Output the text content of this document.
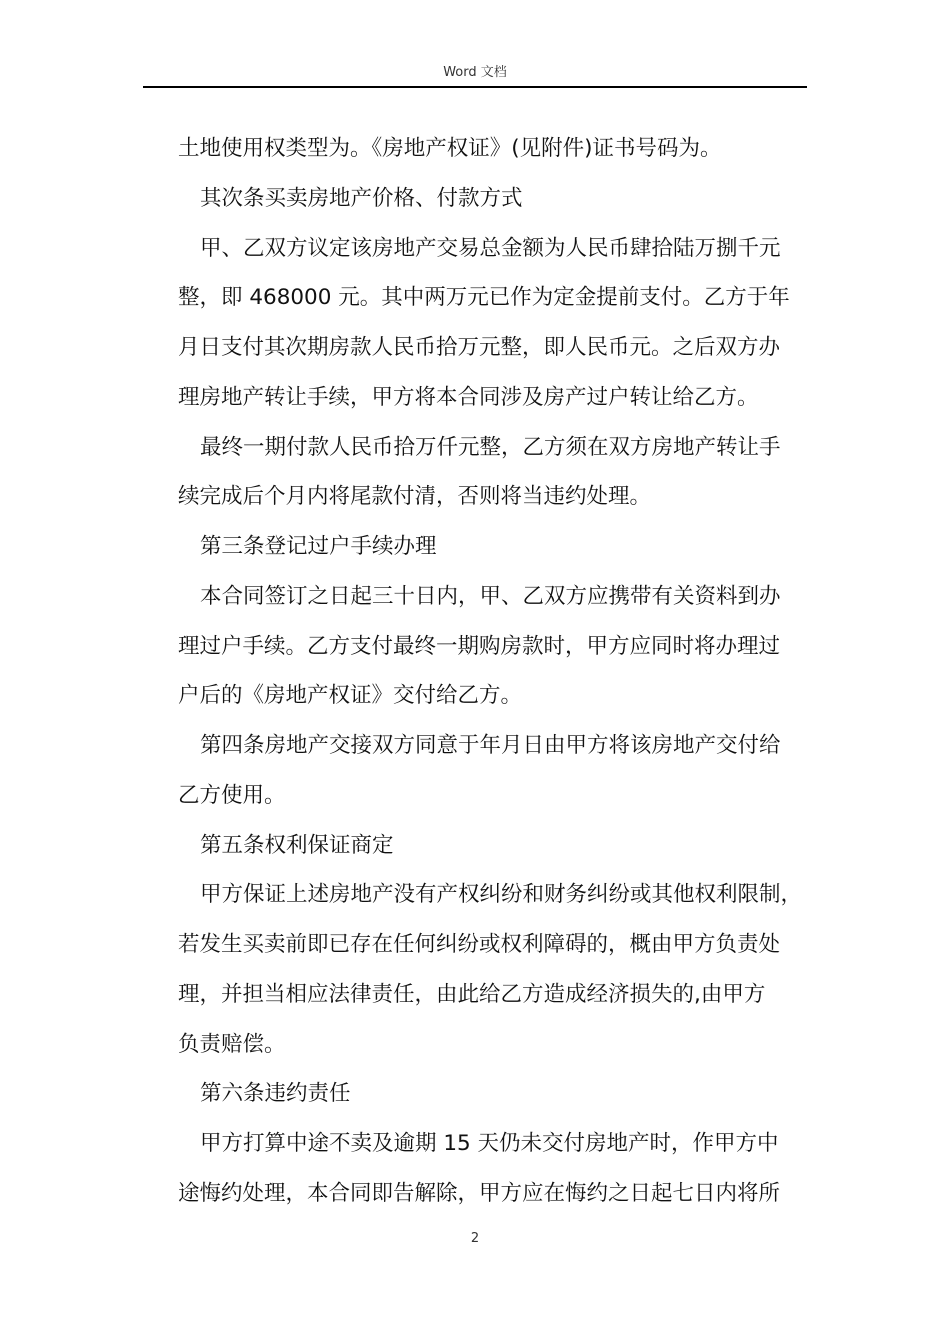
Word 文档
土地使用权类型为。《房地产权证》(见附件)证书号码为。
其次条买卖房地产价格、付款方式
甲、乙双方议定该房地产交易总金额为人民币肆拾陆万捌千元
整，即 468000 元。其中两万元已作为定金提前支付。乙方于年
月日支付其次期房款人民币拾万元整，即人民币元。之后双方办
理房地产转让手续，甲方将本合同涉及房产过户转让给乙方。
最终一期付款人民币拾万仟元整，乙方须在双方房地产转让手
续完成后个月内将尾款付清，否则将当违约处理。
第三条登记过户手续办理
本合同签订之日起三十日内，甲、乙双方应携带有关资料到办
理过户手续。乙方支付最终一期购房款时，甲方应同时将办理过
户后的《房地产权证》交付给乙方。
第四条房地产交接双方同意于年月日由甲方将该房地产交付给
乙方使用。
第五条权利保证商定
甲方保证上述房地产没有产权纠纷和财务纠纷或其他权利限制，
若发生买卖前即已存在任何纠纷或权利障碍的，概由甲方负责处
理，并担当相应法律责任，由此给乙方造成经济损失的,由甲方
负责赔偿。
第六条违约责任
甲方打算中途不卖及逾期 15 天仍未交付房地产时，作甲方中
途悔约处理，本合同即告解除，甲方应在悔约之日起七日内将所
2
